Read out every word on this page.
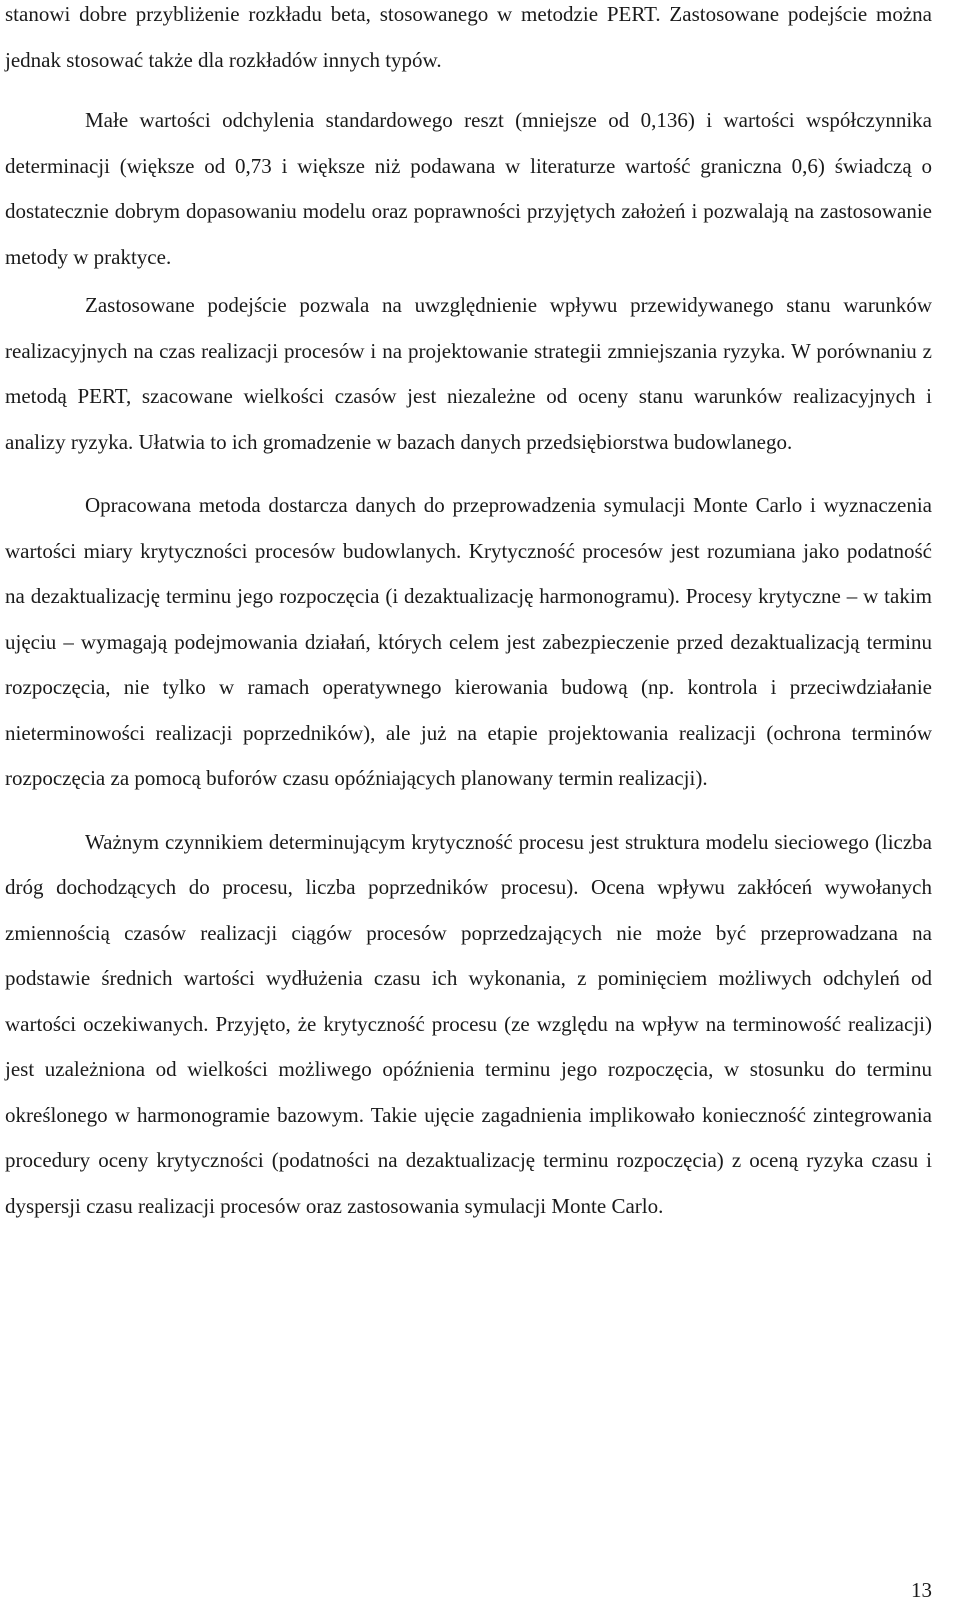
stanowi dobre przybliżenie rozkładu beta, stosowanego w metodzie PERT. Zastosowane podejście można jednak stosować także dla rozkładów innych typów.

Małe wartości odchylenia standardowego reszt (mniejsze od 0,136) i wartości współczynnika determinacji (większe od 0,73 i większe niż podawana w literaturze wartość graniczna 0,6) świadczą o dostatecznie dobrym dopasowaniu modelu oraz poprawności przyjętych założeń i pozwalają na zastosowanie metody w praktyce.

Zastosowane podejście pozwala na uwzględnienie wpływu przewidywanego stanu warunków realizacyjnych na czas realizacji procesów i na projektowanie strategii zmniejszania ryzyka. W porównaniu z metodą PERT, szacowane wielkości czasów jest niezależne od oceny stanu warunków realizacyjnych i analizy ryzyka. Ułatwia to ich gromadzenie w bazach danych przedsiębiorstwa budowlanego.

Opracowana metoda dostarcza danych do przeprowadzenia symulacji Monte Carlo i wyznaczenia wartości miary krytyczności procesów budowlanych. Krytyczność procesów jest rozumiana jako podatność na dezaktualizację terminu jego rozpoczęcia (i dezaktualizację harmonogramu). Procesy krytyczne – w takim ujęciu – wymagają podejmowania działań, których celem jest zabezpieczenie przed dezaktualizacją terminu rozpoczęcia, nie tylko w ramach operatywnego kierowania budową (np. kontrola i przeciwdziałanie nieterminowości realizacji poprzedników), ale już na etapie projektowania realizacji (ochrona terminów rozpoczęcia za pomocą buforów czasu opóźniających planowany termin realizacji).

Ważnym czynnikiem determinującym krytyczność procesu jest struktura modelu sieciowego (liczba dróg dochodzących do procesu, liczba poprzedników procesu). Ocena wpływu zakłóceń wywołanych zmiennością czasów realizacji ciągów procesów poprzedzających nie może być przeprowadzana na podstawie średnich wartości wydłużenia czasu ich wykonania, z pominięciem możliwych odchyleń od wartości oczekiwanych. Przyjęto, że krytyczność procesu (ze względu na wpływ na terminowość realizacji) jest uzależniona od wielkości możliwego opóźnienia terminu jego rozpoczęcia, w stosunku do terminu określonego w harmonogramie bazowym. Takie ujęcie zagadnienia implikowało konieczność zintegrowania procedury oceny krytyczności (podatności na dezaktualizację terminu rozpoczęcia) z oceną ryzyka czasu i dyspersji czasu realizacji procesów oraz zastosowania symulacji Monte Carlo.

13
